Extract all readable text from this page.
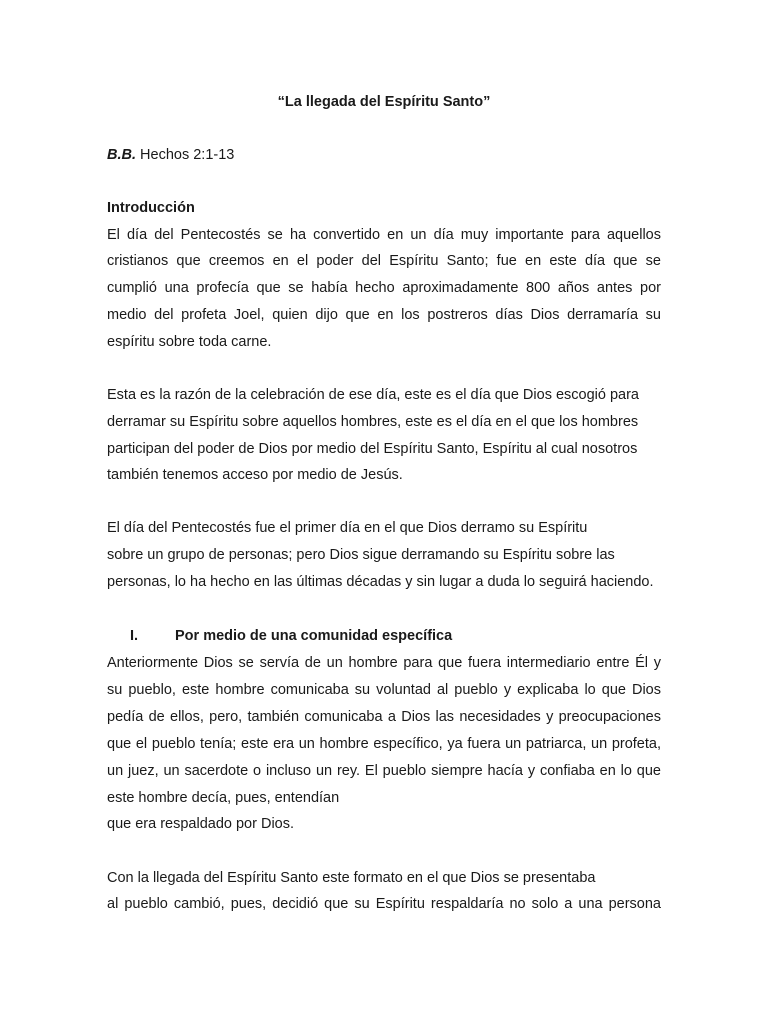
“La llegada del Espíritu Santo”
B.B. Hechos 2:1-13
Introducción
El día del Pentecostés se ha convertido en un día muy importante para aquellos
cristianos que creemos en el poder del Espíritu Santo; fue en este día que se
cumplió una profecía que se había hecho aproximadamente 800 años antes por
medio del profeta Joel, quien dijo que en los postreros días Dios derramaría su
espíritu sobre toda carne.
Esta es la razón de la celebración de ese día, este es el día que Dios escogió para
derramar su Espíritu sobre aquellos hombres, este es el día en el que los hombres
participan del poder de Dios por medio del Espíritu Santo, Espíritu al cual nosotros
también tenemos acceso por medio de Jesús.
El día del Pentecostés fue el primer día en el que Dios derramo su Espíritu
sobre un grupo de personas; pero Dios sigue derramando su Espíritu sobre las
personas, lo ha hecho en las últimas décadas y sin lugar a duda lo seguirá haciendo.
I.	Por medio de una comunidad específica
Anteriormente Dios se servía de un hombre para que fuera intermediario entre Él y
su pueblo, este hombre comunicaba su voluntad al pueblo y explicaba lo que Dios
pedía de ellos, pero, también comunicaba a Dios las necesidades y preocupaciones
que el pueblo tenía; este era un hombre específico, ya fuera un patriarca, un profeta,
un juez, un sacerdote o incluso un rey. El pueblo siempre hacía y confiaba en lo que
este hombre decía, pues, entendían
que era respaldado por Dios.
Con la llegada del Espíritu Santo este formato en el que Dios se presentaba
al pueblo cambió, pues, decidió que su Espíritu respaldaría no solo a una persona
